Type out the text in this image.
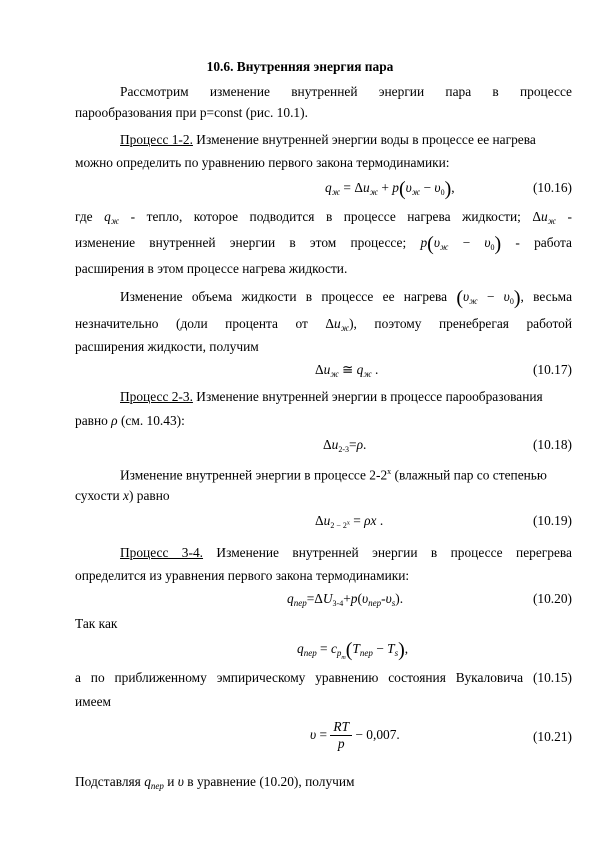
10.6. Внутренняя энергия пара
Рассмотрим изменение внутренней энергии пара в процессе
парообразования при p=const (рис. 10.1).
Процесс 1-2. Изменение внутренней энергии воды в процессе ее нагрева
можно определить по уравнению первого закона термодинамики:
$q_ж = \Delta u_ж + p(\upsilon_ж - \upsilon_0)$,	(10.16)
где $q_ж$ - тепло, которое подводится в процессе нагрева жидкости; $\Delta u_ж$ -
изменение внутренней энергии в этом процессе; $p(\upsilon_ж - \upsilon_0)$ - работа
расширения в этом процессе нагрева жидкости.
Изменение объема жидкости в процессе ее нагрева $(\upsilon_ж - \upsilon_0)$, весьма
незначительно (доли процента от $\Delta u_ж$), поэтому пренебрегая работой
расширения жидкости, получим
$\Delta u_ж$ ≅ $q_ж$ .	(10.17)
Процесс 2-3. Изменение внутренней энергии в процессе парообразования
равно ρ (см. 10.43):
$\Delta u_{2-3}=\rho$.	(10.18)
Изменение внутренней энергии в процессе 2-2$^x$ (влажный пар со степенью
сухости x) равно
$\Delta u_{2 - 2^x} = \rho x$ .	(10.19)
Процесс 3-4. Изменение внутренней энергии в процессе перегрева
определится из уравнения первого закона термодинамики:
$q_{пер}=\Delta U_{3-4}+p(\upsilon_{пер}-\upsilon_s)$.	(10.20)
Так как
$q_{пер} = c_{p_m}(T_{пер} - T_s)$,
а по приближенному эмпирическому уравнению состояния Вукаловича (10.15)
имеем
$\upsilon = \frac{RT}{p} - 0,007$.	(10.21)
Подставляя $q_{пер}$ и υ в уравнение (10.20), получим
